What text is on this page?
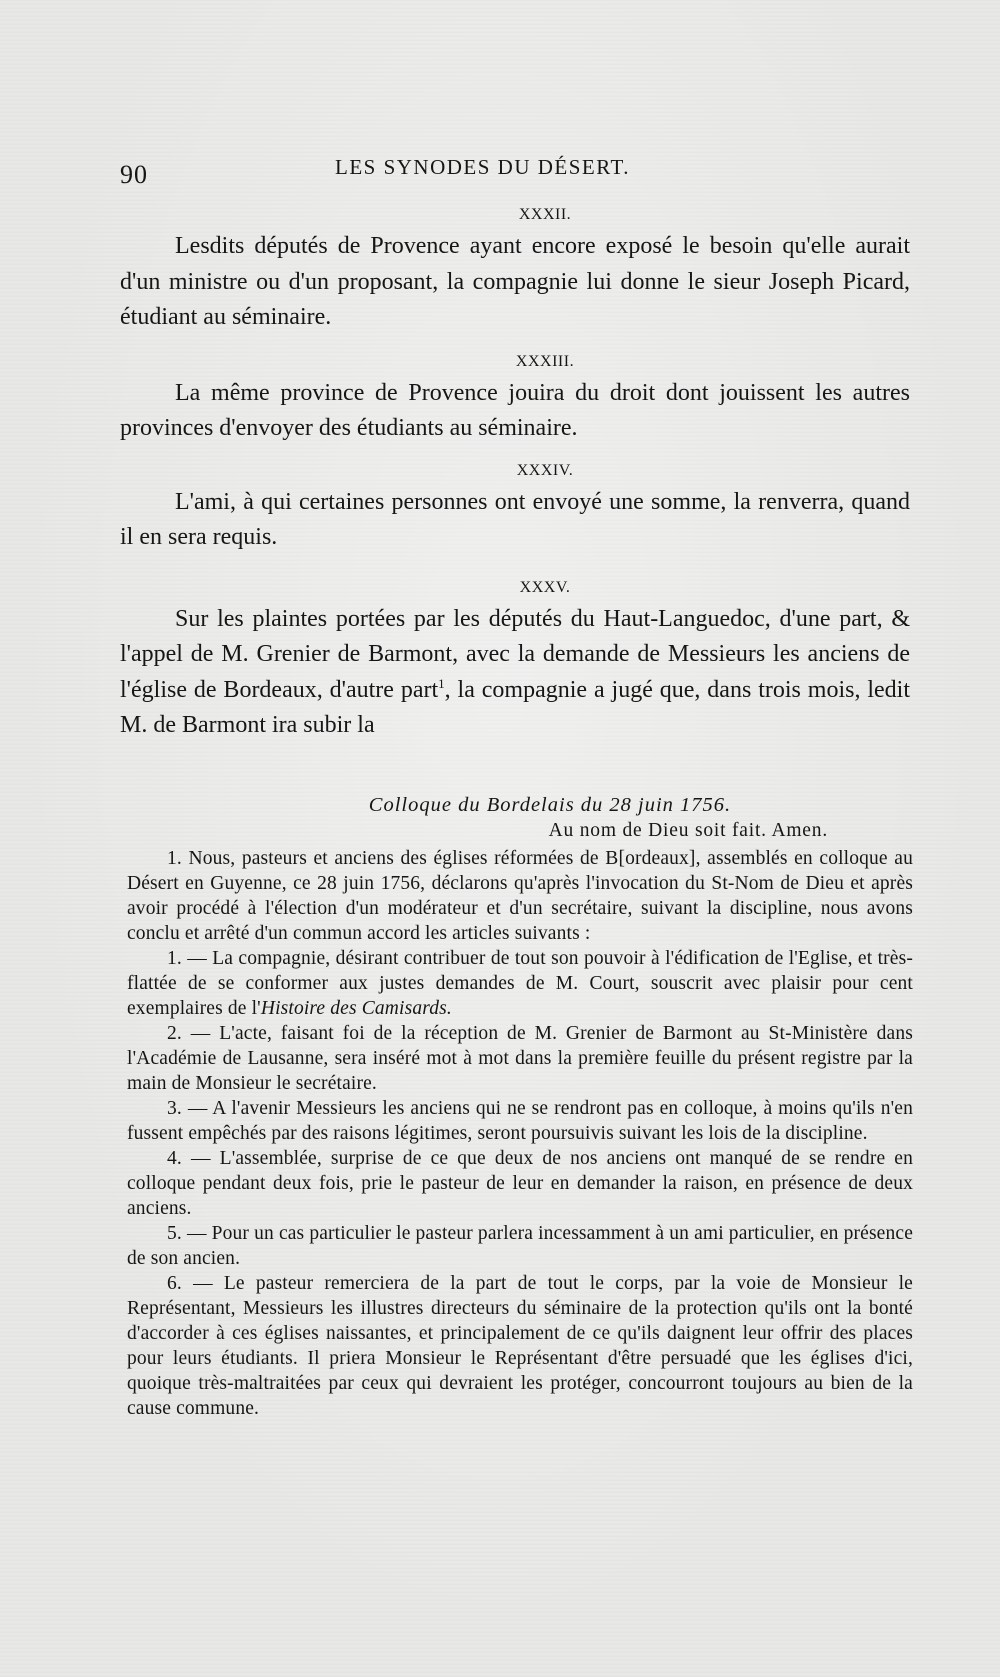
90	LES SYNODES DU DÉSERT.
XXXII.

Lesdits députés de Provence ayant encore exposé le besoin qu'elle aurait d'un ministre ou d'un proposant, la compagnie lui donne le sieur Joseph Picard, étudiant au séminaire.

XXXIII.

La même province de Provence jouira du droit dont jouissent les autres provinces d'envoyer des étudiants au séminaire.

XXXIV.

L'ami, à qui certaines personnes ont envoyé une somme, la renverra, quand il en sera requis.

XXXV.

Sur les plaintes portées par les députés du Haut-Languedoc, d'une part, & l'appel de M. Grenier de Barmont, avec la demande de Messieurs les anciens de l'église de Bordeaux, d'autre part$^1$, la compagnie a jugé que, dans trois mois, ledit M. de Barmont ira subir la

Colloque du Bordelais du 28 juin 1756.

Au nom de Dieu soit fait. Amen.

1. Nous, pasteurs et anciens des églises réformées de B[ordeaux], assemblés en colloque au Désert en Guyenne, ce 28 juin 1756, déclarons qu'après l'invocation du St-Nom de Dieu et après avoir procédé à l'élection d'un modérateur et d'un secrétaire, suivant la discipline, nous avons conclu et arrêté d'un commun accord les articles suivants :

1. — La compagnie, désirant contribuer de tout son pouvoir à l'édification de l'Eglise, et très-flattée de se conformer aux justes demandes de M. Court, souscrit avec plaisir pour cent exemplaires de l'Histoire des Camisards.

2. — L'acte, faisant foi de la réception de M. Grenier de Barmont au St-Ministère dans l'Académie de Lausanne, sera inséré mot à mot dans la première feuille du présent registre par la main de Monsieur le secrétaire.

3. — A l'avenir Messieurs les anciens qui ne se rendront pas en colloque, à moins qu'ils n'en fussent empêchés par des raisons légitimes, seront poursuivis suivant les lois de la discipline.

4. — L'assemblée, surprise de ce que deux de nos anciens ont manqué de se rendre en colloque pendant deux fois, prie le pasteur de leur en demander la raison, en présence de deux anciens.

5. — Pour un cas particulier le pasteur parlera incessamment à un ami particulier, en présence de son ancien.

6. — Le pasteur remerciera de la part de tout le corps, par la voie de Monsieur le Représentant, Messieurs les illustres directeurs du séminaire de la protection qu'ils ont la bonté d'accorder à ces églises naissantes, et principalement de ce qu'ils daignent leur offrir des places pour leurs étudiants. Il priera Monsieur le Représentant d'être persuadé que les églises d'ici, quoique très-maltraitées par ceux qui devraient les protéger, concourront toujours au bien de la cause commune.
